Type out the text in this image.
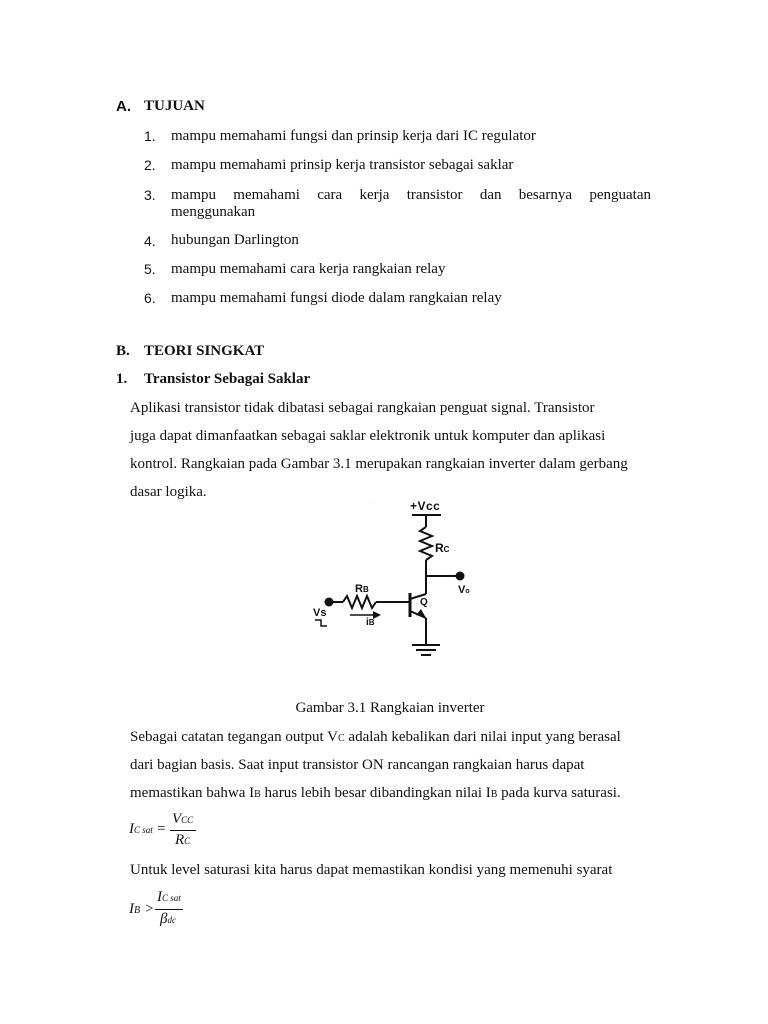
A. TUJUAN
1. mampu memahami fungsi dan prinsip kerja dari IC regulator
2. mampu memahami prinsip kerja transistor sebagai saklar
3. mampu memahami cara kerja transistor dan besarnya penguatan
menggunakan
4. hubungan Darlington
5. mampu memahami cara kerja rangkaian relay
6. mampu memahami fungsi diode dalam rangkaian relay
B. TEORI SINGKAT
1. Transistor Sebagai Saklar
Aplikasi transistor tidak dibatasi sebagai rangkaian penguat signal. Transistor
juga dapat dimanfaatkan sebagai saklar elektronik untuk komputer dan aplikasi
kontrol. Rangkaian pada Gambar 3.1 merupakan rangkaian inverter dalam gerbang
dasar logika.
.	+Vcc
RC
Vo
RB
Q
Vs
iB
Gambar 3.1 Rangkaian inverter
Sebagai catatan tegangan output VC adalah kebalikan dari nilai input yang berasal
dari bagian basis. Saat input transistor ON rancangan rangkaian harus dapat
memastikan bahwa IB harus lebih besar dibandingkan nilai IB pada kurva saturasi.
IC sat =
VCC
RC
Untuk level saturasi kita harus dapat memastikan kondisi yang memenuhi syarat
IB >
IC sat
βdc
